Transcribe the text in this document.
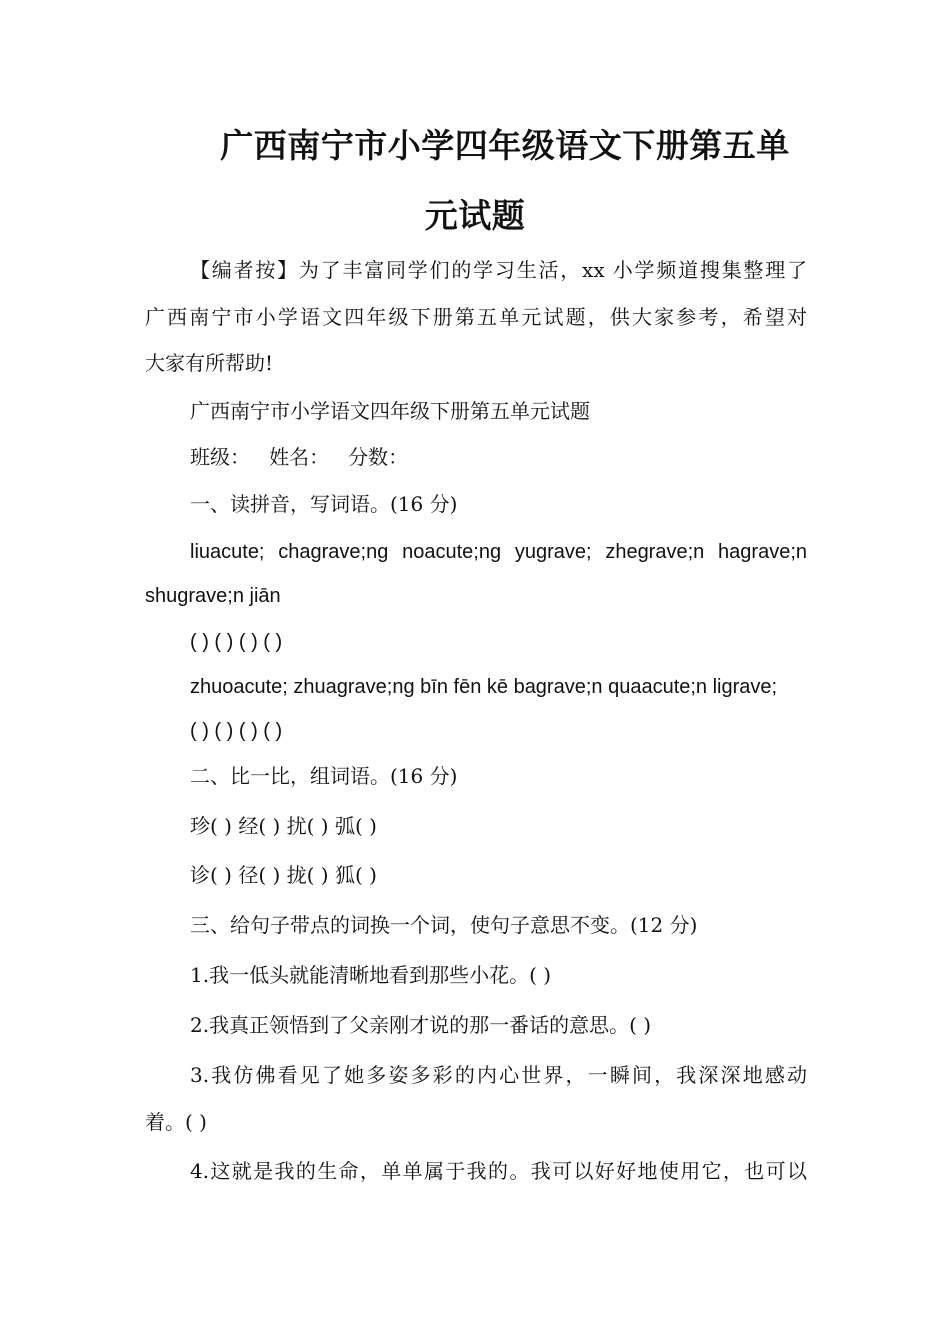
广西南宁市小学四年级语文下册第五单
元试题
【编者按】为了丰富同学们的学习生活，xx 小学频道搜集整理了
广西南宁市小学语文四年级下册第五单元试题，供大家参考，希望对
大家有所帮助!
广西南宁市小学语文四年级下册第五单元试题
班级：   姓名：   分数：
一、读拼音，写词语。(16 分)
liuacute; chagrave;ng noacute;ng yugrave; zhegrave;n hagrave;n
shugrave;n jiān
( ) ( ) ( ) ( )
zhuoacute; zhuagrave;ng bīn fēn kē bagrave;n quaacute;n ligrave;
( ) ( ) ( ) ( )
二、比一比，组词语。(16 分)
珍( ) 经( ) 扰( ) 弧( )
诊( ) 径( ) 拢( ) 狐( )
三、给句子带点的词换一个词，使句子意思不变。(12 分)
1.我一低头就能清晰地看到那些小花。( )
2.我真正领悟到了父亲刚才说的那一番话的意思。( )
3.我仿佛看见了她多姿多彩的内心世界，一瞬间，我深深地感动
着。( )
4.这就是我的生命，单单属于我的。我可以好好地使用它，也可以
